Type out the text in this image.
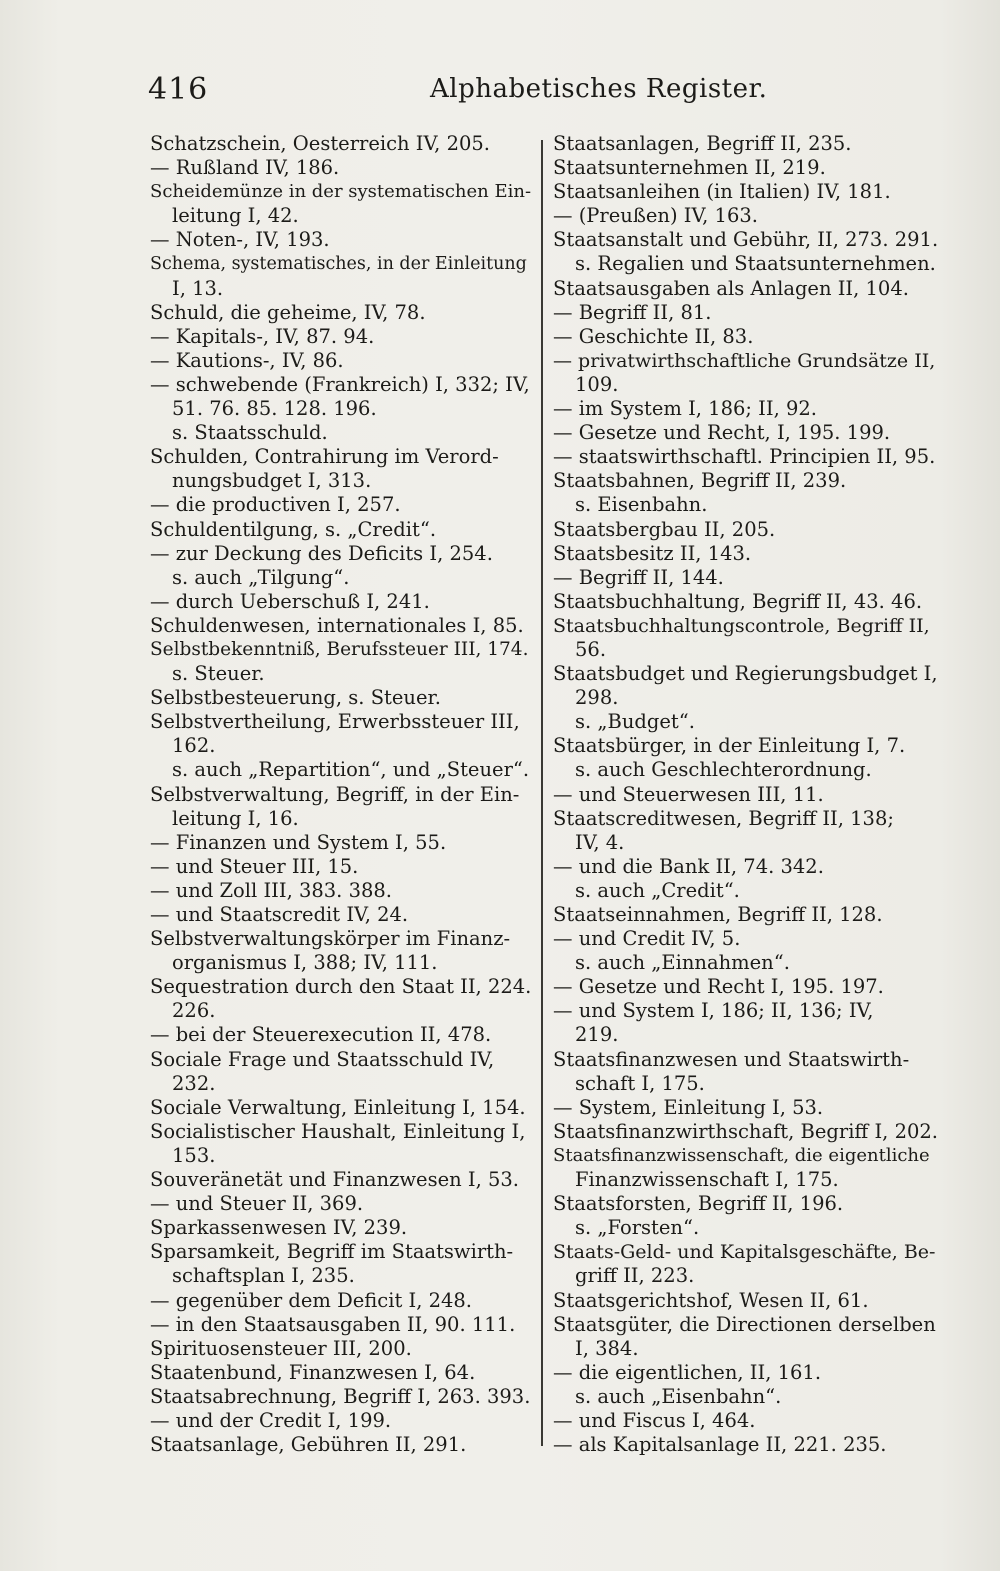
416	Alphabetisches Register.
Schatzschein, Oesterreich IV, 205.
— Rußland IV, 186.
Scheidemünze in der systematischen Ein-
leitung I, 42.
— Noten-, IV, 193.
Schema, systematisches, in der Einleitung
I, 13.
Schuld, die geheime, IV, 78.
— Kapitals-, IV, 87. 94.
— Kautions-, IV, 86.
— schwebende (Frankreich) I, 332; IV,
51. 76. 85. 128. 196.
s. Staatsschuld.
Schulden, Contrahirung im Verord-
nungsbudget I, 313.
— die productiven I, 257.
Schuldentilgung, s. „Credit“.
— zur Deckung des Deficits I, 254.
s. auch „Tilgung“.
— durch Ueberschuß I, 241.
Schuldenwesen, internationales I, 85.
Selbstbekenntniß, Berufssteuer III, 174.
s. Steuer.
Selbstbesteuerung, s. Steuer.
Selbstvertheilung, Erwerbssteuer III,
162.
s. auch „Repartition“, und „Steuer“.
Selbstverwaltung, Begriff, in der Ein-
leitung I, 16.
— Finanzen und System I, 55.
— und Steuer III, 15.
— und Zoll III, 383. 388.
— und Staatscredit IV, 24.
Selbstverwaltungskörper im Finanz-
organismus I, 388; IV, 111.
Sequestration durch den Staat II, 224.
226.
— bei der Steuerexecution II, 478.
Sociale Frage und Staatsschuld IV,
232.
Sociale Verwaltung, Einleitung I, 154.
Socialistischer Haushalt, Einleitung I,
153.
Souveränetät und Finanzwesen I, 53.
— und Steuer II, 369.
Sparkassenwesen IV, 239.
Sparsamkeit, Begriff im Staatswirth-
schaftsplan I, 235.
— gegenüber dem Deficit I, 248.
— in den Staatsausgaben II, 90. 111.
Spirituosensteuer III, 200.
Staatenbund, Finanzwesen I, 64.
Staatsabrechnung, Begriff I, 263. 393.
— und der Credit I, 199.
Staatsanlage, Gebühren II, 291.
Staatsanlagen, Begriff II, 235.
Staatsunternehmen II, 219.
Staatsanleihen (in Italien) IV, 181.
— (Preußen) IV, 163.
Staatsanstalt und Gebühr, II, 273. 291.
s. Regalien und Staatsunternehmen.
Staatsausgaben als Anlagen II, 104.
— Begriff II, 81.
— Geschichte II, 83.
— privatwirthschaftliche Grundsätze II,
109.
— im System I, 186; II, 92.
— Gesetze und Recht, I, 195. 199.
— staatswirthschaftl. Principien II, 95.
Staatsbahnen, Begriff II, 239.
s. Eisenbahn.
Staatsbergbau II, 205.
Staatsbesitz II, 143.
— Begriff II, 144.
Staatsbuchhaltung, Begriff II, 43. 46.
Staatsbuchhaltungscontrole, Begriff II,
56.
Staatsbudget und Regierungsbudget I,
298.
s. „Budget“.
Staatsbürger, in der Einleitung I, 7.
s. auch Geschlechterordnung.
— und Steuerwesen III, 11.
Staatscreditwesen, Begriff II, 138;
IV, 4.
— und die Bank II, 74. 342.
s. auch „Credit“.
Staatseinnahmen, Begriff II, 128.
— und Credit IV, 5.
s. auch „Einnahmen“.
— Gesetze und Recht I, 195. 197.
— und System I, 186; II, 136; IV,
219.
Staatsfinanzwesen und Staatswirth-
schaft I, 175.
— System, Einleitung I, 53.
Staatsfinanzwirthschaft, Begriff I, 202.
Staatsfinanzwissenschaft, die eigentliche
Finanzwissenschaft I, 175.
Staatsforsten, Begriff II, 196.
s. „Forsten“.
Staats-Geld- und Kapitalsgeschäfte, Be-
griff II, 223.
Staatsgerichtshof, Wesen II, 61.
Staatsgüter, die Directionen derselben
I, 384.
— die eigentlichen, II, 161.
s. auch „Eisenbahn“.
— und Fiscus I, 464.
— als Kapitalsanlage II, 221. 235.
